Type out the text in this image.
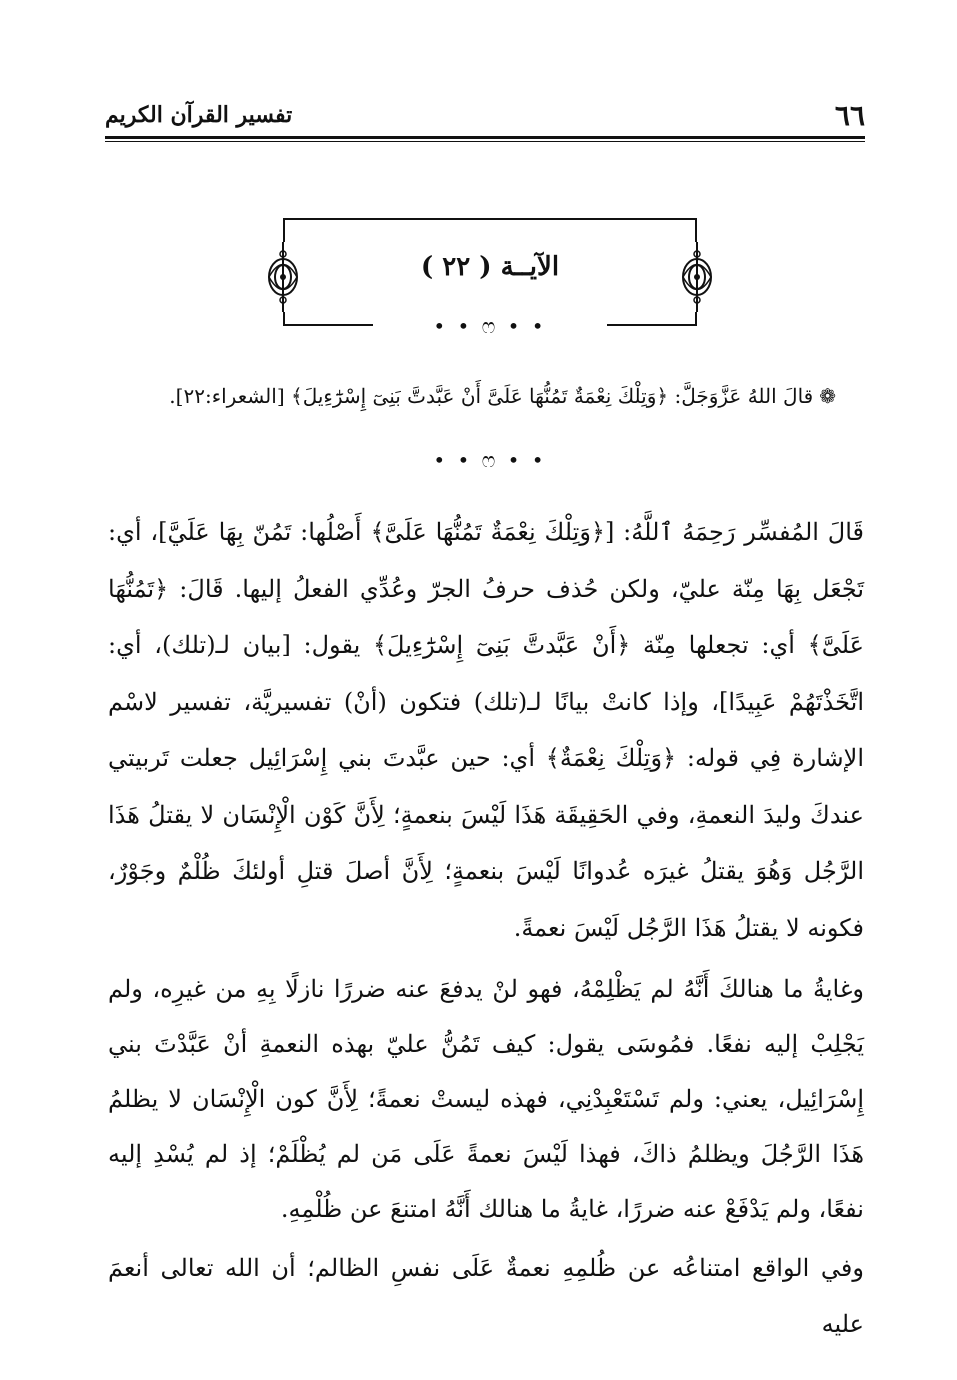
٦٦
تفسير القرآن الكريم
الآيــة ( ٢٢ )
• • ෆ • •
❁قالَ اللهُ عَزَّوَجَلَّ: ﴿وَتِلْكَ نِعْمَةٌ تَمُنُّهَا عَلَىَّ أَنْ عَبَّدتَّ بَنِىٓ إِسْرَٰٓءِيلَ﴾ [الشعراء:٢٢].
• • ෆ • •

قَالَ المُفسِّر رَحِمَهُ ٱللَّهُ: [﴿وَتِلْكَ نِعْمَةٌ تَمُنُّهَا عَلَىَّ﴾ أَصْلُها: تَمُنّ بِهَا عَلَيَّ]، أي: تَجْعَل بِهَا مِنّة عليّ، ولكن حُذف حرفُ الجرّ وعُدِّي الفعلُ إليها. قَالَ: ﴿تَمُنُّهَا عَلَىَّ﴾ أي: تجعلها مِنّة ﴿أَنْ عَبَّدتَّ بَنِىٓ إِسْرَٰٓءِيلَ﴾ يقول: [بيان لـ(تلك)، أي: اتَّخَذْتَهُمْ عَبِيدًا]، وإذا كانتْ بيانًا لـ(تلك) فتكون (أنْ) تفسيريَّة، تفسير لاسْم الإشارة فِي قوله: ﴿وَتِلْكَ نِعْمَةٌ﴾ أي: حين عبَّدتَ بني إِسْرَائِيل جعلت تَربيتي عندكَ وليدَ النعمةِ، وفي الحَقِيقَة هَذَا لَيْسَ بنعمةٍ؛ لِأَنَّ كَوْن الْإِنْسَان لا يقتلُ هَذَا الرَّجُل وَهُوَ يقتلُ غيرَه عُدوانًا لَيْسَ بنعمةٍ؛ لِأَنَّ أصلَ قتلِ أولئكَ ظُلْمٌ وجَوْرٌ، فكونه لا يقتلُ هَذَا الرَّجُل لَيْسَ نعمةً.

وغايةُ ما هنالكَ أَنَّهُ لم يَظْلِمْهُ، فهو لنْ يدفعَ عنه ضررًا نازلًا بِهِ من غيرِه، ولم يَجْلِبْ إليه نفعًا. فمُوسَى يقول: كيف تَمُنُّ عليّ بهذه النعمةِ أنْ عَبَّدْتَ بني إِسْرَائِيل، يعني: ولم تَسْتَعْبِدْنِي، فهذه ليستْ نعمةً؛ لِأَنَّ كون الْإِنْسَان لا يظلمُ هَذَا الرَّجُلَ ويظلمُ ذاكَ، فهذا لَيْسَ نعمةً عَلَى مَن لم يُظْلَمْ؛ إذ لم يُسْدِ إليه نفعًا، ولم يَدْفَعْ عنه ضررًا، غايةُ ما هنالك أَنَّهُ امتنعَ عن ظُلْمِهِ.

وفي الواقع امتناعُه عن ظُلمِهِ نعمةٌ عَلَى نفسِ الظالم؛ أن الله تعالى أنعمَ عليه
